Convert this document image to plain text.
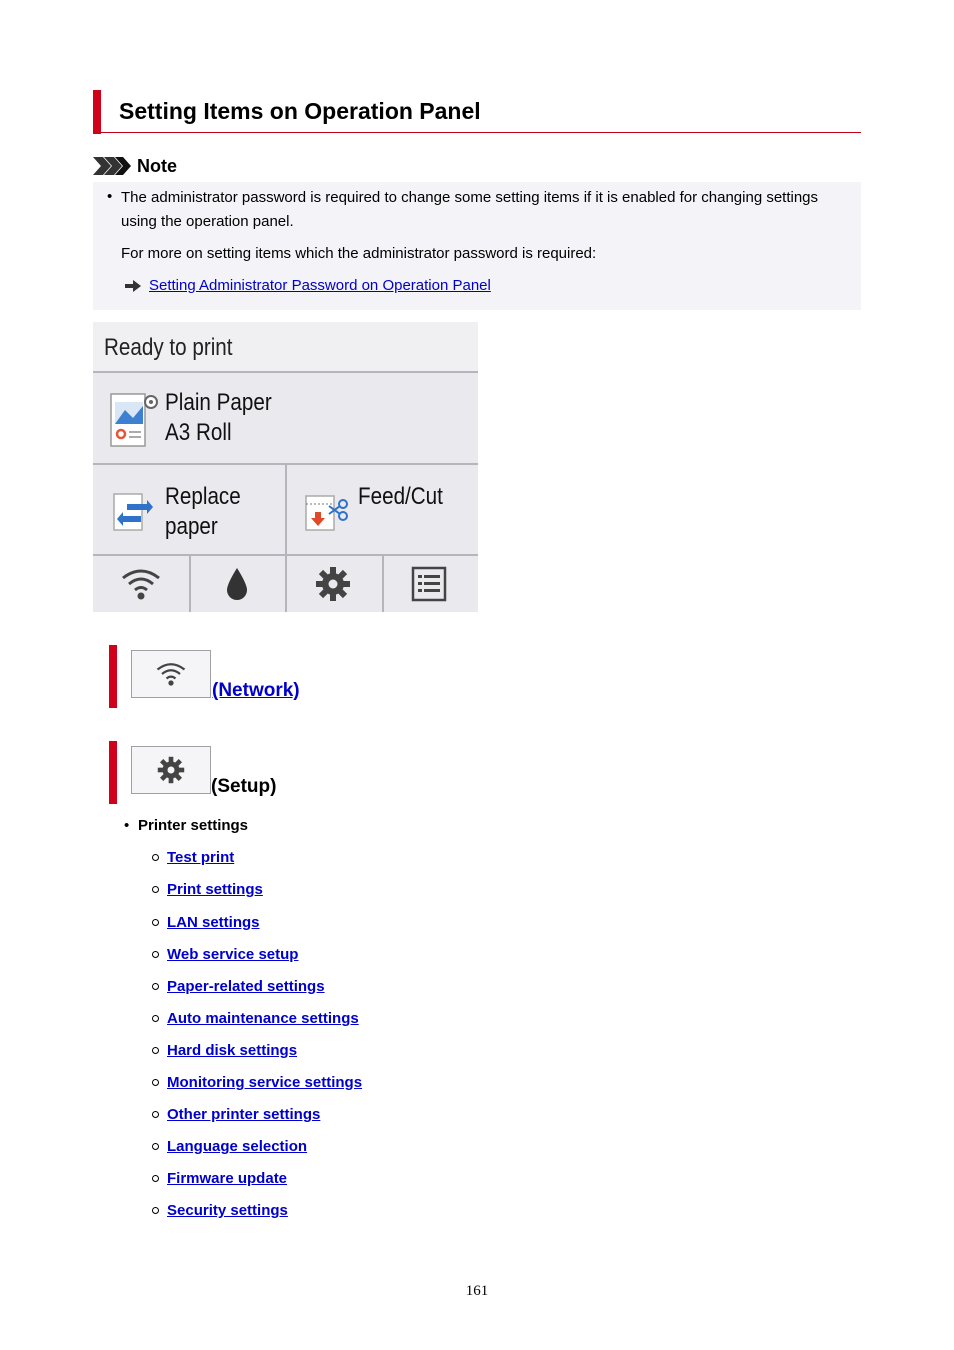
Setting Items on Operation Panel
Note
• The administrator password is required to change some setting items if it is enabled for changing settings using the operation panel.
For more on setting items which the administrator password is required:
Setting Administrator Password on Operation Panel
Ready to print
Plain Paper
A3 Roll
Replace
paper
Feed/Cut
(Network)
(Setup)
• Printer settings
Test print
Print settings
LAN settings
Web service setup
Paper-related settings
Auto maintenance settings
Hard disk settings
Monitoring service settings
Other printer settings
Language selection
Firmware update
Security settings
161
